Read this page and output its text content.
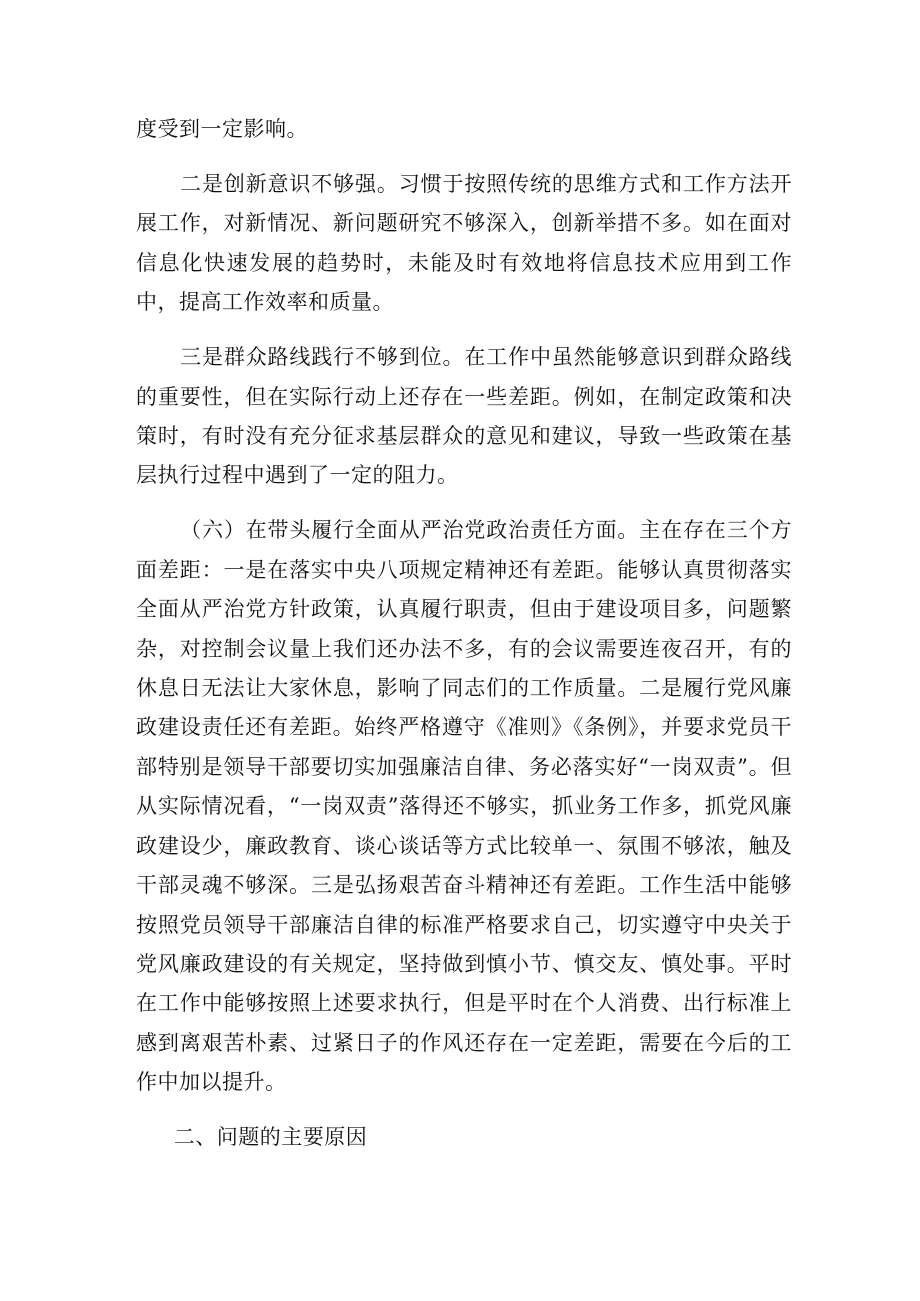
度受到一定影响。

二是创新意识不够强。习惯于按照传统的思维方式和工作方法开展工作，对新情况、新问题研究不够深入，创新举措不多。如在面对信息化快速发展的趋势时，未能及时有效地将信息技术应用到工作中，提高工作效率和质量。

三是群众路线践行不够到位。在工作中虽然能够意识到群众路线的重要性，但在实际行动上还存在一些差距。例如，在制定政策和决策时，有时没有充分征求基层群众的意见和建议，导致一些政策在基层执行过程中遇到了一定的阻力。

（六）在带头履行全面从严治党政治责任方面。主在存在三个方面差距：一是在落实中央八项规定精神还有差距。能够认真贯彻落实全面从严治党方针政策，认真履行职责，但由于建设项目多，问题繁杂，对控制会议量上我们还办法不多，有的会议需要连夜召开，有的休息日无法让大家休息，影响了同志们的工作质量。二是履行党风廉政建设责任还有差距。始终严格遵守《准则》《条例》，并要求党员干部特别是领导干部要切实加强廉洁自律、务必落实好“一岗双责”。但从实际情况看，“一岗双责”落得还不够实，抓业务工作多，抓党风廉政建设少，廉政教育、谈心谈话等方式比较单一、氛围不够浓，触及干部灵魂不够深。三是弘扬艰苦奋斗精神还有差距。工作生活中能够按照党员领导干部廉洁自律的标准严格要求自己，切实遵守中央关于党风廉政建设的有关规定，坚持做到慎小节、慎交友、慎处事。平时在工作中能够按照上述要求执行，但是平时在个人消费、出行标准上感到离艰苦朴素、过紧日子的作风还存在一定差距，需要在今后的工作中加以提升。

二、问题的主要原因
